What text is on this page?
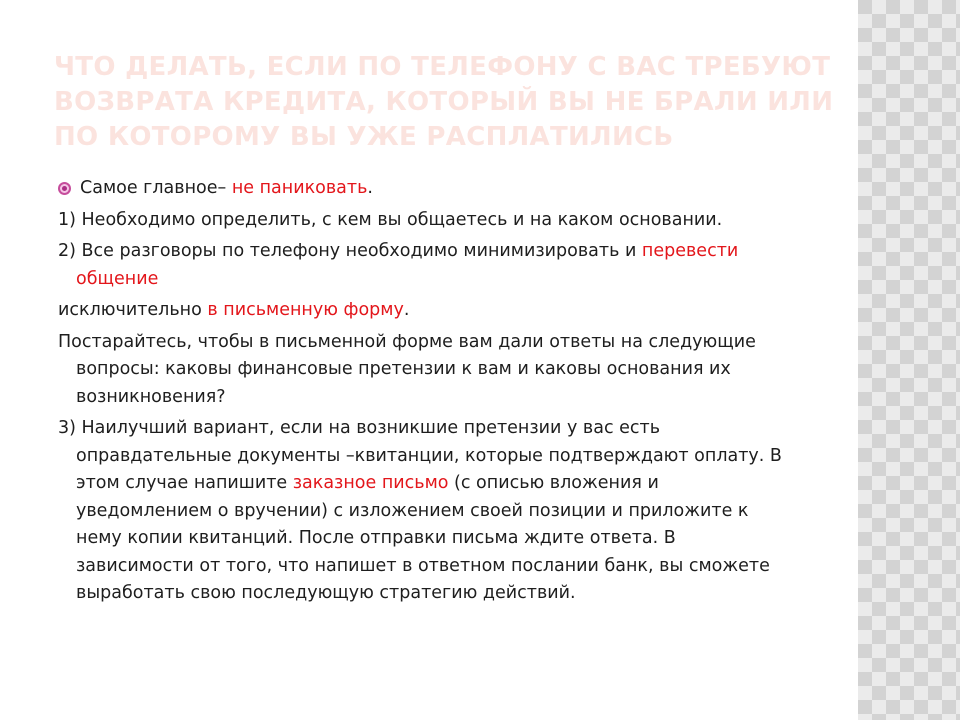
ЧТО ДЕЛАТЬ, ЕСЛИ ПО ТЕЛЕФОНУ С ВАС ТРЕБУЮТ
ВОЗВРАТА КРЕДИТА, КОТОРЫЙ ВЫ НЕ БРАЛИ ИЛИ
ПО КОТОРОМУ ВЫ УЖЕ РАСПЛАТИЛИСЬ
Самое главное– не паниковать.
1) Необходимо определить, с кем вы общаетесь и на каком основании.
2) Все разговоры по телефону необходимо минимизировать и перевести общение
исключительно в письменную форму.
Постарайтесь, чтобы в письменной форме вам дали ответы на следующие вопросы: каковы финансовые претензии к вам и каковы основания их возникновения?
3) Наилучший вариант, если на возникшие претензии у вас есть оправдательные документы –квитанции, которые подтверждают оплату. В этом случае напишите заказное письмо (с описью вложения и уведомлением о вручении) с изложением своей позиции и приложите к нему копии квитанций. После отправки письма ждите ответа. В зависимости от того, что напишет в ответном послании банк, вы сможете выработать свою последующую стратегию действий.
